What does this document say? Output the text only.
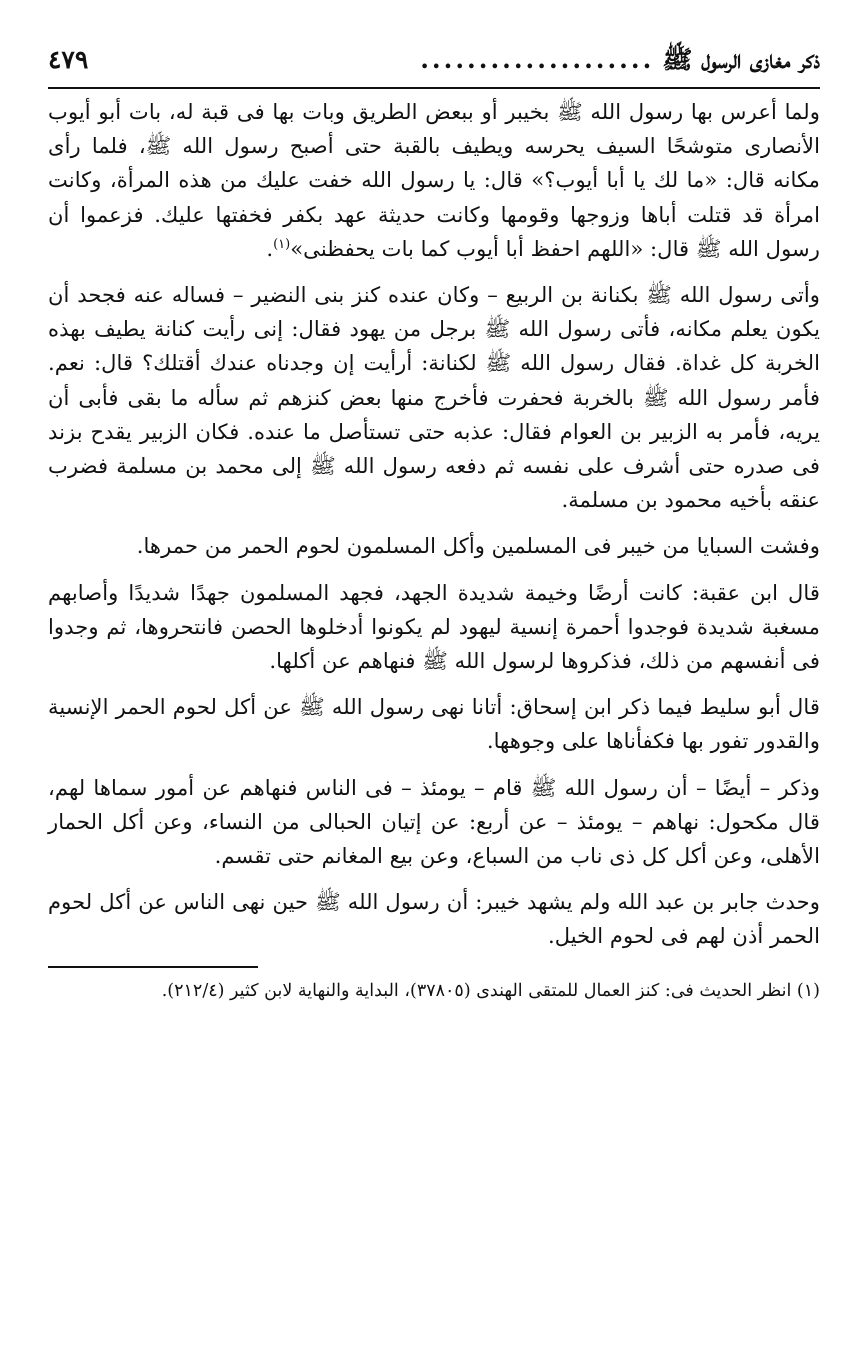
ذكر مغازى الرسول ﷺ
....................
٤٧٩

ولما أعرس بها رسول الله ﷺ بخيبر أو ببعض الطريق وبات بها فى قبة له، بات أبو أيوب الأنصارى متوشحًا السيف يحرسه ويطيف بالقبة حتى أصبح رسول الله ﷺ، فلما رأى مكانه قال: «ما لك يا أبا أيوب؟» قال: يا رسول الله خفت عليك من هذه المرأة، وكانت امرأة قد قتلت أباها وزوجها وقومها وكانت حديثة عهد بكفر فخفتها عليك. فزعموا أن رسول الله ﷺ قال: «اللهم احفظ أبا أيوب كما بات يحفظنى»$^{(١)}$.

وأتى رسول الله ﷺ بكنانة بن الربيع – وكان عنده كنز بنى النضير – فساله عنه فجحد أن يكون يعلم مكانه، فأتى رسول الله ﷺ برجل من يهود فقال: إنى رأيت كنانة يطيف بهذه الخربة كل غداة. فقال رسول الله ﷺ لكنانة: أرأيت إن وجدناه عندك أقتلك؟ قال: نعم. فأمر رسول الله ﷺ بالخربة فحفرت فأخرج منها بعض كنزهم ثم سأله ما بقى فأبى أن يريه، فأمر به الزبير بن العوام فقال: عذبه حتى تستأصل ما عنده. فكان الزبير يقدح بزند فى صدره حتى أشرف على نفسه ثم دفعه رسول الله ﷺ إلى محمد بن مسلمة فضرب عنقه بأخيه محمود بن مسلمة.

وفشت السبايا من خيبر فى المسلمين وأكل المسلمون لحوم الحمر من حمرها.

قال ابن عقبة: كانت أرضًا وخيمة شديدة الجهد، فجهد المسلمون جهدًا شديدًا وأصابهم مسغبة شديدة فوجدوا أحمرة إنسية ليهود لم يكونوا أدخلوها الحصن فانتحروها، ثم وجدوا فى أنفسهم من ذلك، فذكروها لرسول الله ﷺ فنهاهم عن أكلها.

قال أبو سليط فيما ذكر ابن إسحاق: أتانا نهى رسول الله ﷺ عن أكل لحوم الحمر الإنسية والقدور تفور بها فكفأناها على وجوهها.

وذكر – أيضًا – أن رسول الله ﷺ قام – يومئذ – فى الناس فنهاهم عن أمور سماها لهم، قال مكحول: نهاهم – يومئذ – عن أربع: عن إتيان الحبالى من النساء، وعن أكل الحمار الأهلى، وعن أكل كل ذى ناب من السباع، وعن بيع المغانم حتى تقسم.

وحدث جابر بن عبد الله ولم يشهد خيبر: أن رسول الله ﷺ حين نهى الناس عن أكل لحوم الحمر أذن لهم فى لحوم الخيل.

(١) انظر الحديث فى: كنز العمال للمتقى الهندى (٣٧٨٠٥)، البداية والنهاية لابن كثير (٢١٢/٤).
